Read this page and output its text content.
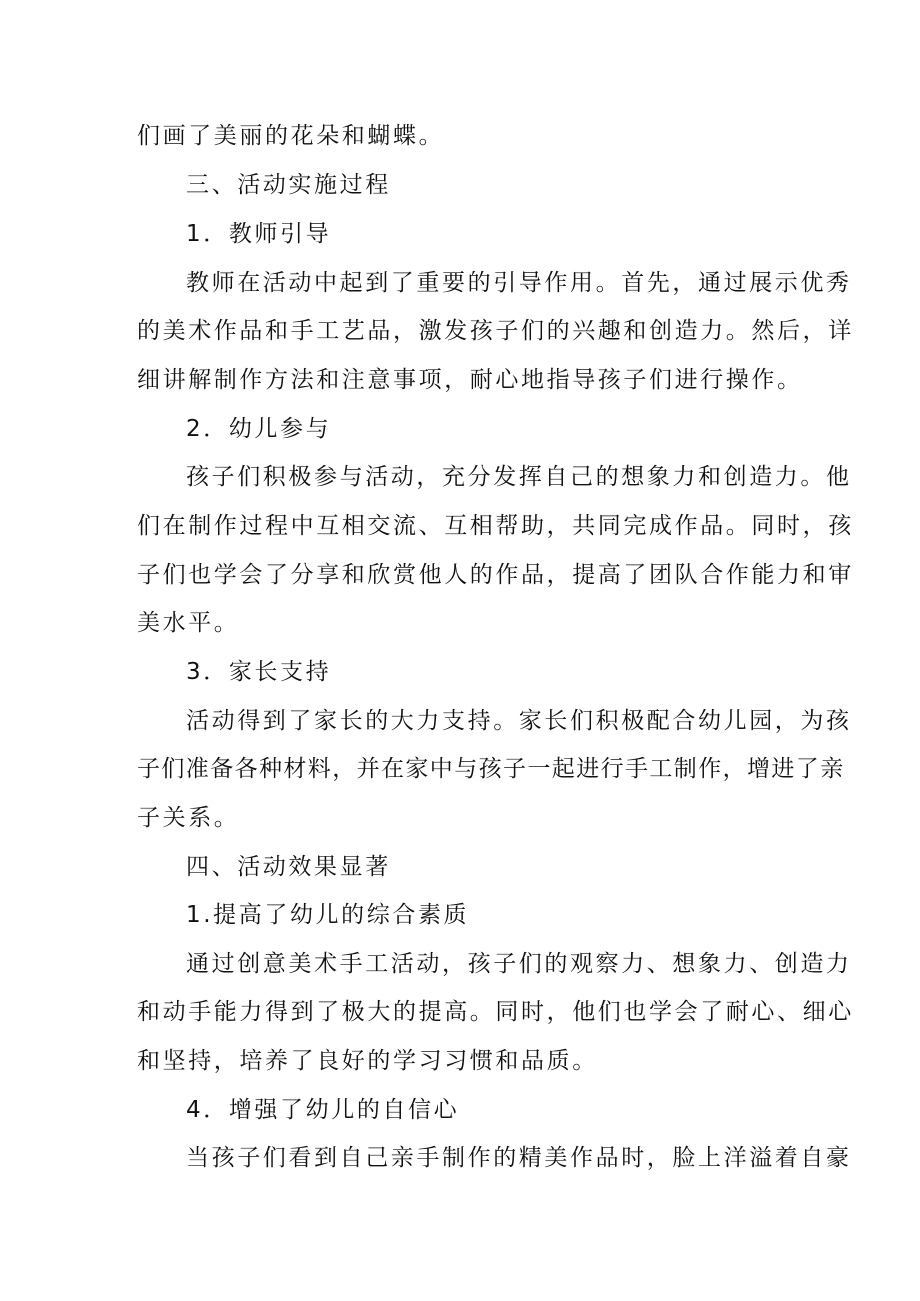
们画了美丽的花朵和蝴蝶。
三、活动实施过程
1．教师引导
教师在活动中起到了重要的引导作用。首先，通过展示优秀
的美术作品和手工艺品，激发孩子们的兴趣和创造力。然后，详
细讲解制作方法和注意事项，耐心地指导孩子们进行操作。
2．幼儿参与
孩子们积极参与活动，充分发挥自己的想象力和创造力。他
们在制作过程中互相交流、互相帮助，共同完成作品。同时，孩
子们也学会了分享和欣赏他人的作品，提高了团队合作能力和审
美水平。
3．家长支持
活动得到了家长的大力支持。家长们积极配合幼儿园，为孩
子们准备各种材料，并在家中与孩子一起进行手工制作，增进了亲
子关系。
四、活动效果显著
1.提高了幼儿的综合素质
通过创意美术手工活动，孩子们的观察力、想象力、创造力
和动手能力得到了极大的提高。同时，他们也学会了耐心、细心
和坚持，培养了良好的学习习惯和品质。
4．增强了幼儿的自信心
当孩子们看到自己亲手制作的精美作品时，脸上洋溢着自豪
